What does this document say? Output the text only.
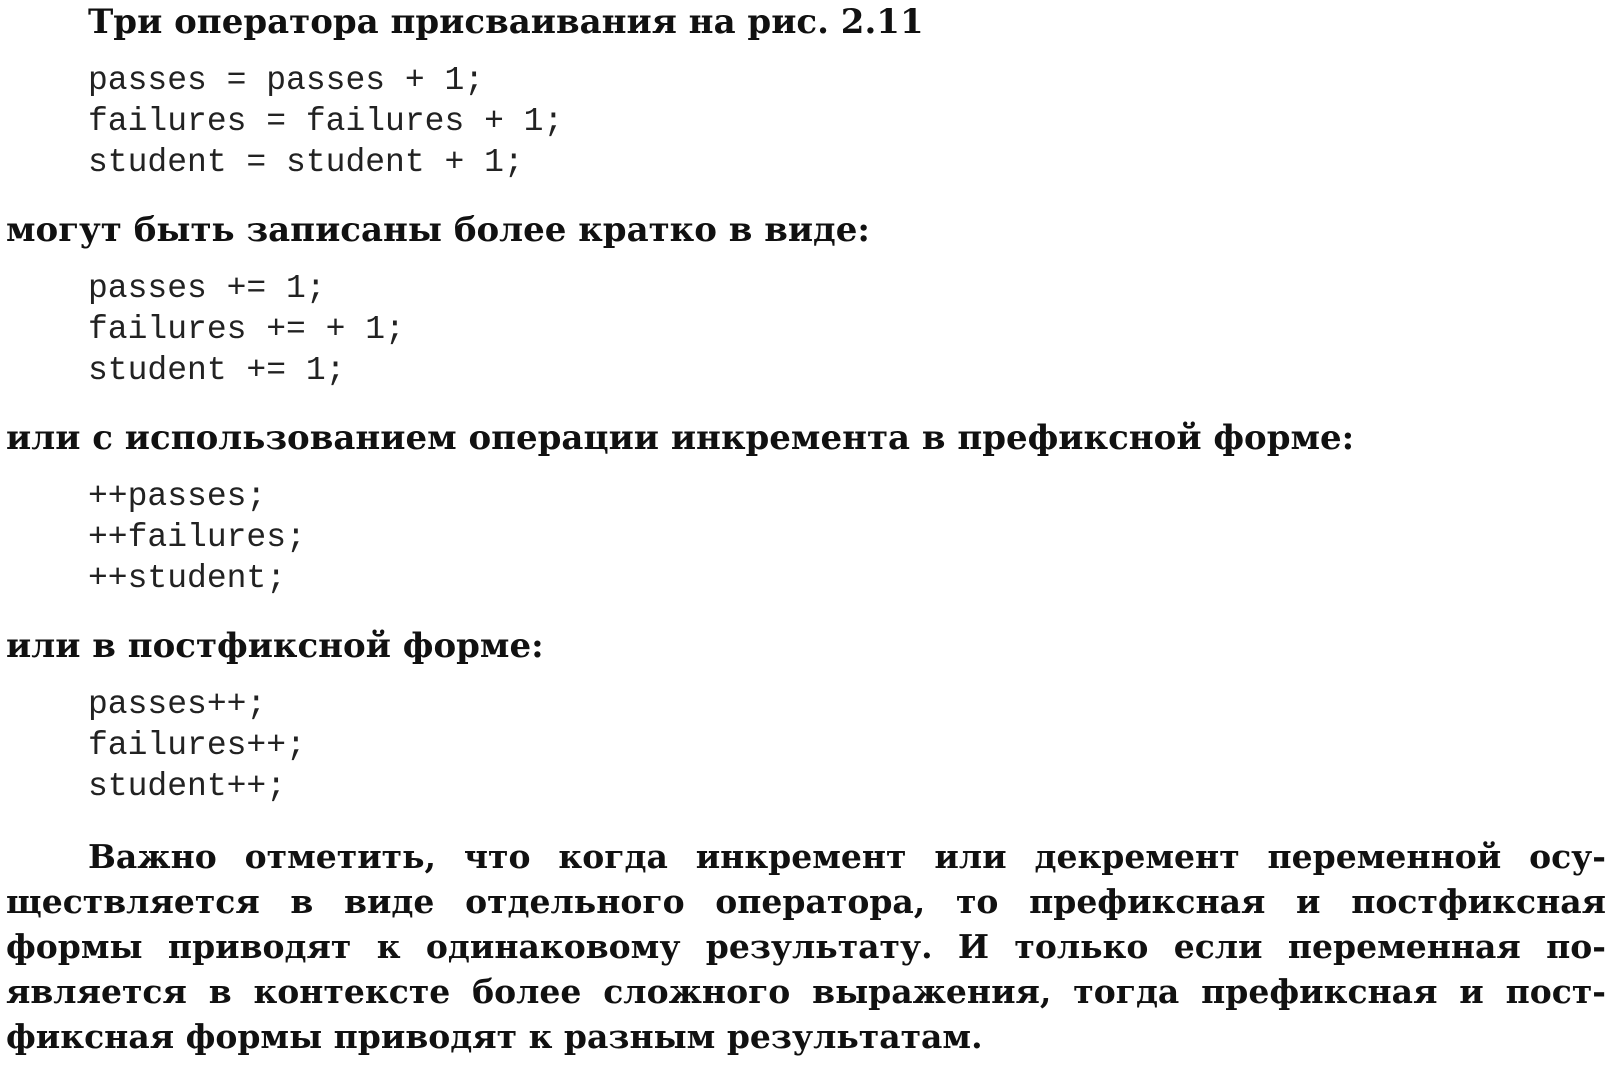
Три оператора присваивания на рис. 2.11

passes = passes + 1;
failures = failures + 1;
student = student + 1;

могут быть записаны более кратко в виде:

passes += 1;
failures += + 1;
student += 1;

или с использованием операции инкремента в префиксной форме:

++passes;
++failures;
++student;

или в постфиксной форме:

passes++;
failures++;
student++;
Важно отметить, что когда инкремент или декремент переменной осу-
ществляется в виде отдельного оператора, то префиксная и постфиксная
формы приводят к одинаковому результату. И только если переменная по-
является в контексте более сложного выражения, тогда префиксная и пост-
фиксная формы приводят к разным результатам.
